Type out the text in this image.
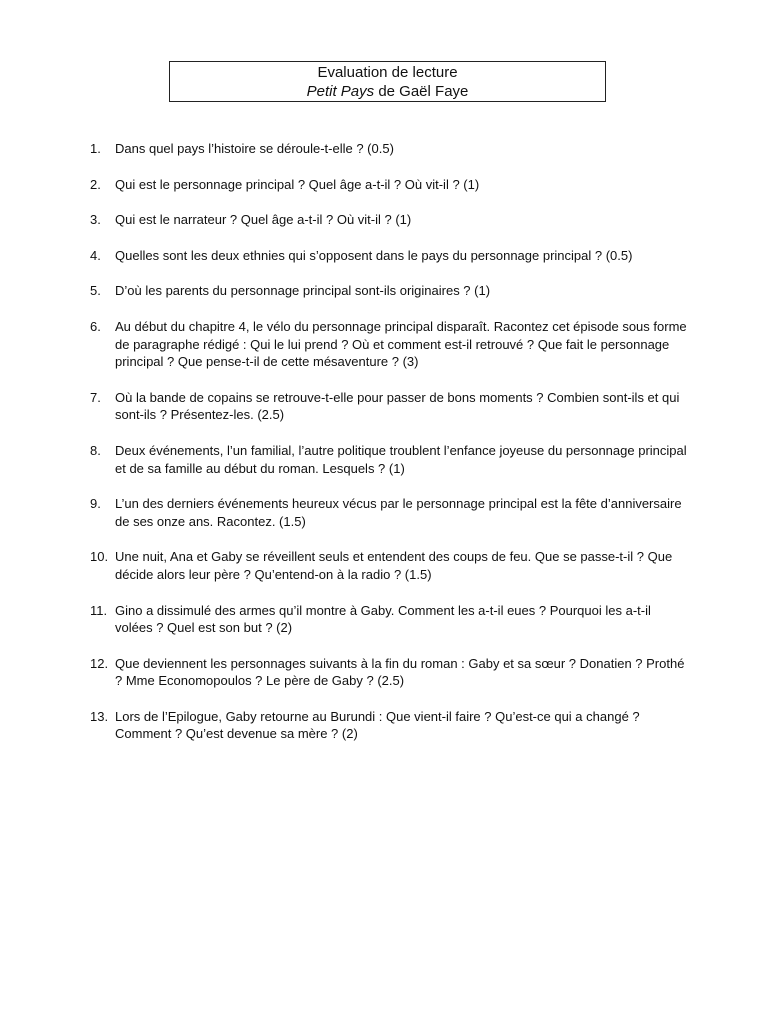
Evaluation de lecture
Petit Pays de Gaël Faye
1. Dans quel pays l’histoire se déroule-t-elle ? (0.5)
2. Qui est le personnage principal ? Quel âge a-t-il ? Où vit-il ? (1)
3. Qui est le narrateur ? Quel âge a-t-il ? Où vit-il ? (1)
4. Quelles sont les deux ethnies qui s’opposent dans le pays du personnage principal ? (0.5)
5. D’où les parents du personnage principal sont-ils originaires ? (1)
6. Au début du chapitre 4, le vélo du personnage principal disparaît. Racontez cet épisode sous forme de paragraphe rédigé : Qui le lui prend ? Où et comment est-il retrouvé ? Que fait le personnage principal ? Que pense-t-il de cette mésaventure ? (3)
7. Où la bande de copains se retrouve-t-elle pour passer de bons moments ? Combien sont-ils et qui sont-ils ? Présentez-les. (2.5)
8. Deux événements, l’un familial, l’autre politique troublent l’enfance joyeuse du personnage principal et de sa famille au début du roman. Lesquels ? (1)
9. L’un des derniers événements heureux vécus par le personnage principal est la fête d’anniversaire de ses onze ans. Racontez. (1.5)
10. Une nuit, Ana et Gaby se réveillent seuls et entendent des coups de feu. Que se passe-t-il ? Que décide alors leur père ? Qu’entend-on à la radio ? (1.5)
11. Gino a dissimulé des armes qu’il montre à Gaby. Comment les a-t-il eues ? Pourquoi les a-t-il volées ? Quel est son but ? (2)
12. Que deviennent les personnages suivants à la fin du roman : Gaby et sa sœur ? Donatien ? Prothé ? Mme Economopoulos ? Le père de Gaby ? (2.5)
13. Lors de l’Epilogue, Gaby retourne au Burundi : Que vient-il faire ? Qu’est-ce qui a changé ? Comment ? Qu’est devenue sa mère ? (2)
